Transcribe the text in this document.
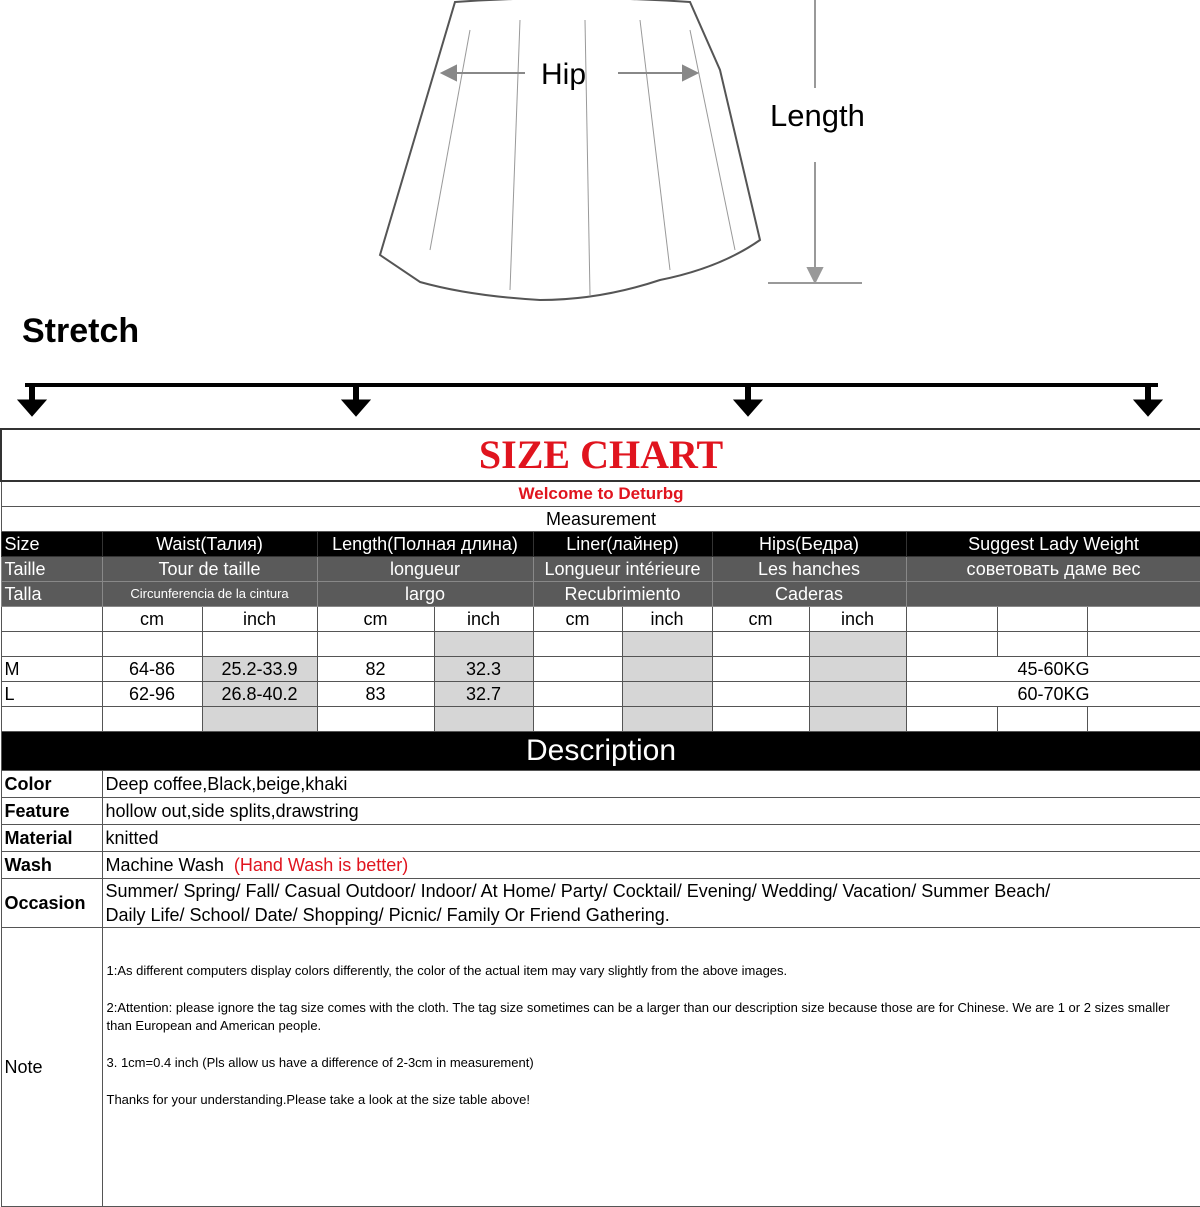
Hip
Length
Stretch
SIZE CHART											
Welcome to Deturbg											
Measurement											
Size	Waist(Талия)		Length(Полная длина)		Liner(лайнер)		Hips(Бедра)		Suggest Lady Weight		
Taille	Tour de taille		longueur		Longueur intérieure		Les hanches		советовать даме вес		
Talla	Circunferencia de la cintura		largo		Recubrimiento		Caderas				
	cm	inch	cm	inch	cm	inch	cm	inch			

M	64-86	25.2-33.9	82	32.3					45-60KG		
L	62-96	26.8-40.2	83	32.7					60-70KG		

Description											
Color	Deep coffee,Black,beige,khaki										
Feature	hollow out,side splits,drawstring										
Material	knitted										
Wash	Machine Wash (Hand Wash is better)										
Occasion	Summer/ Spring/ Fall/ Casual Outdoor/ Indoor/ At Home/ Party/ Cocktail/ Evening/ Wedding/ Vacation/ Summer Beach/
Daily Life/ School/ Date/ Shopping/ Picnic/ Family Or Friend Gathering.										

Note	1:As different computers display colors differently, the color of the actual item may vary slightly from the above images.

2:Attention: please ignore the tag size comes with the cloth. The tag size sometimes can be a larger than our description size because those are for Chinese. We are 1 or 2 sizes smaller than European and American people.

3. 1cm=0.4 inch (Pls allow us have a difference of 2-3cm in measurement)

Thanks for your understanding.Please take a look at the size table above!										
